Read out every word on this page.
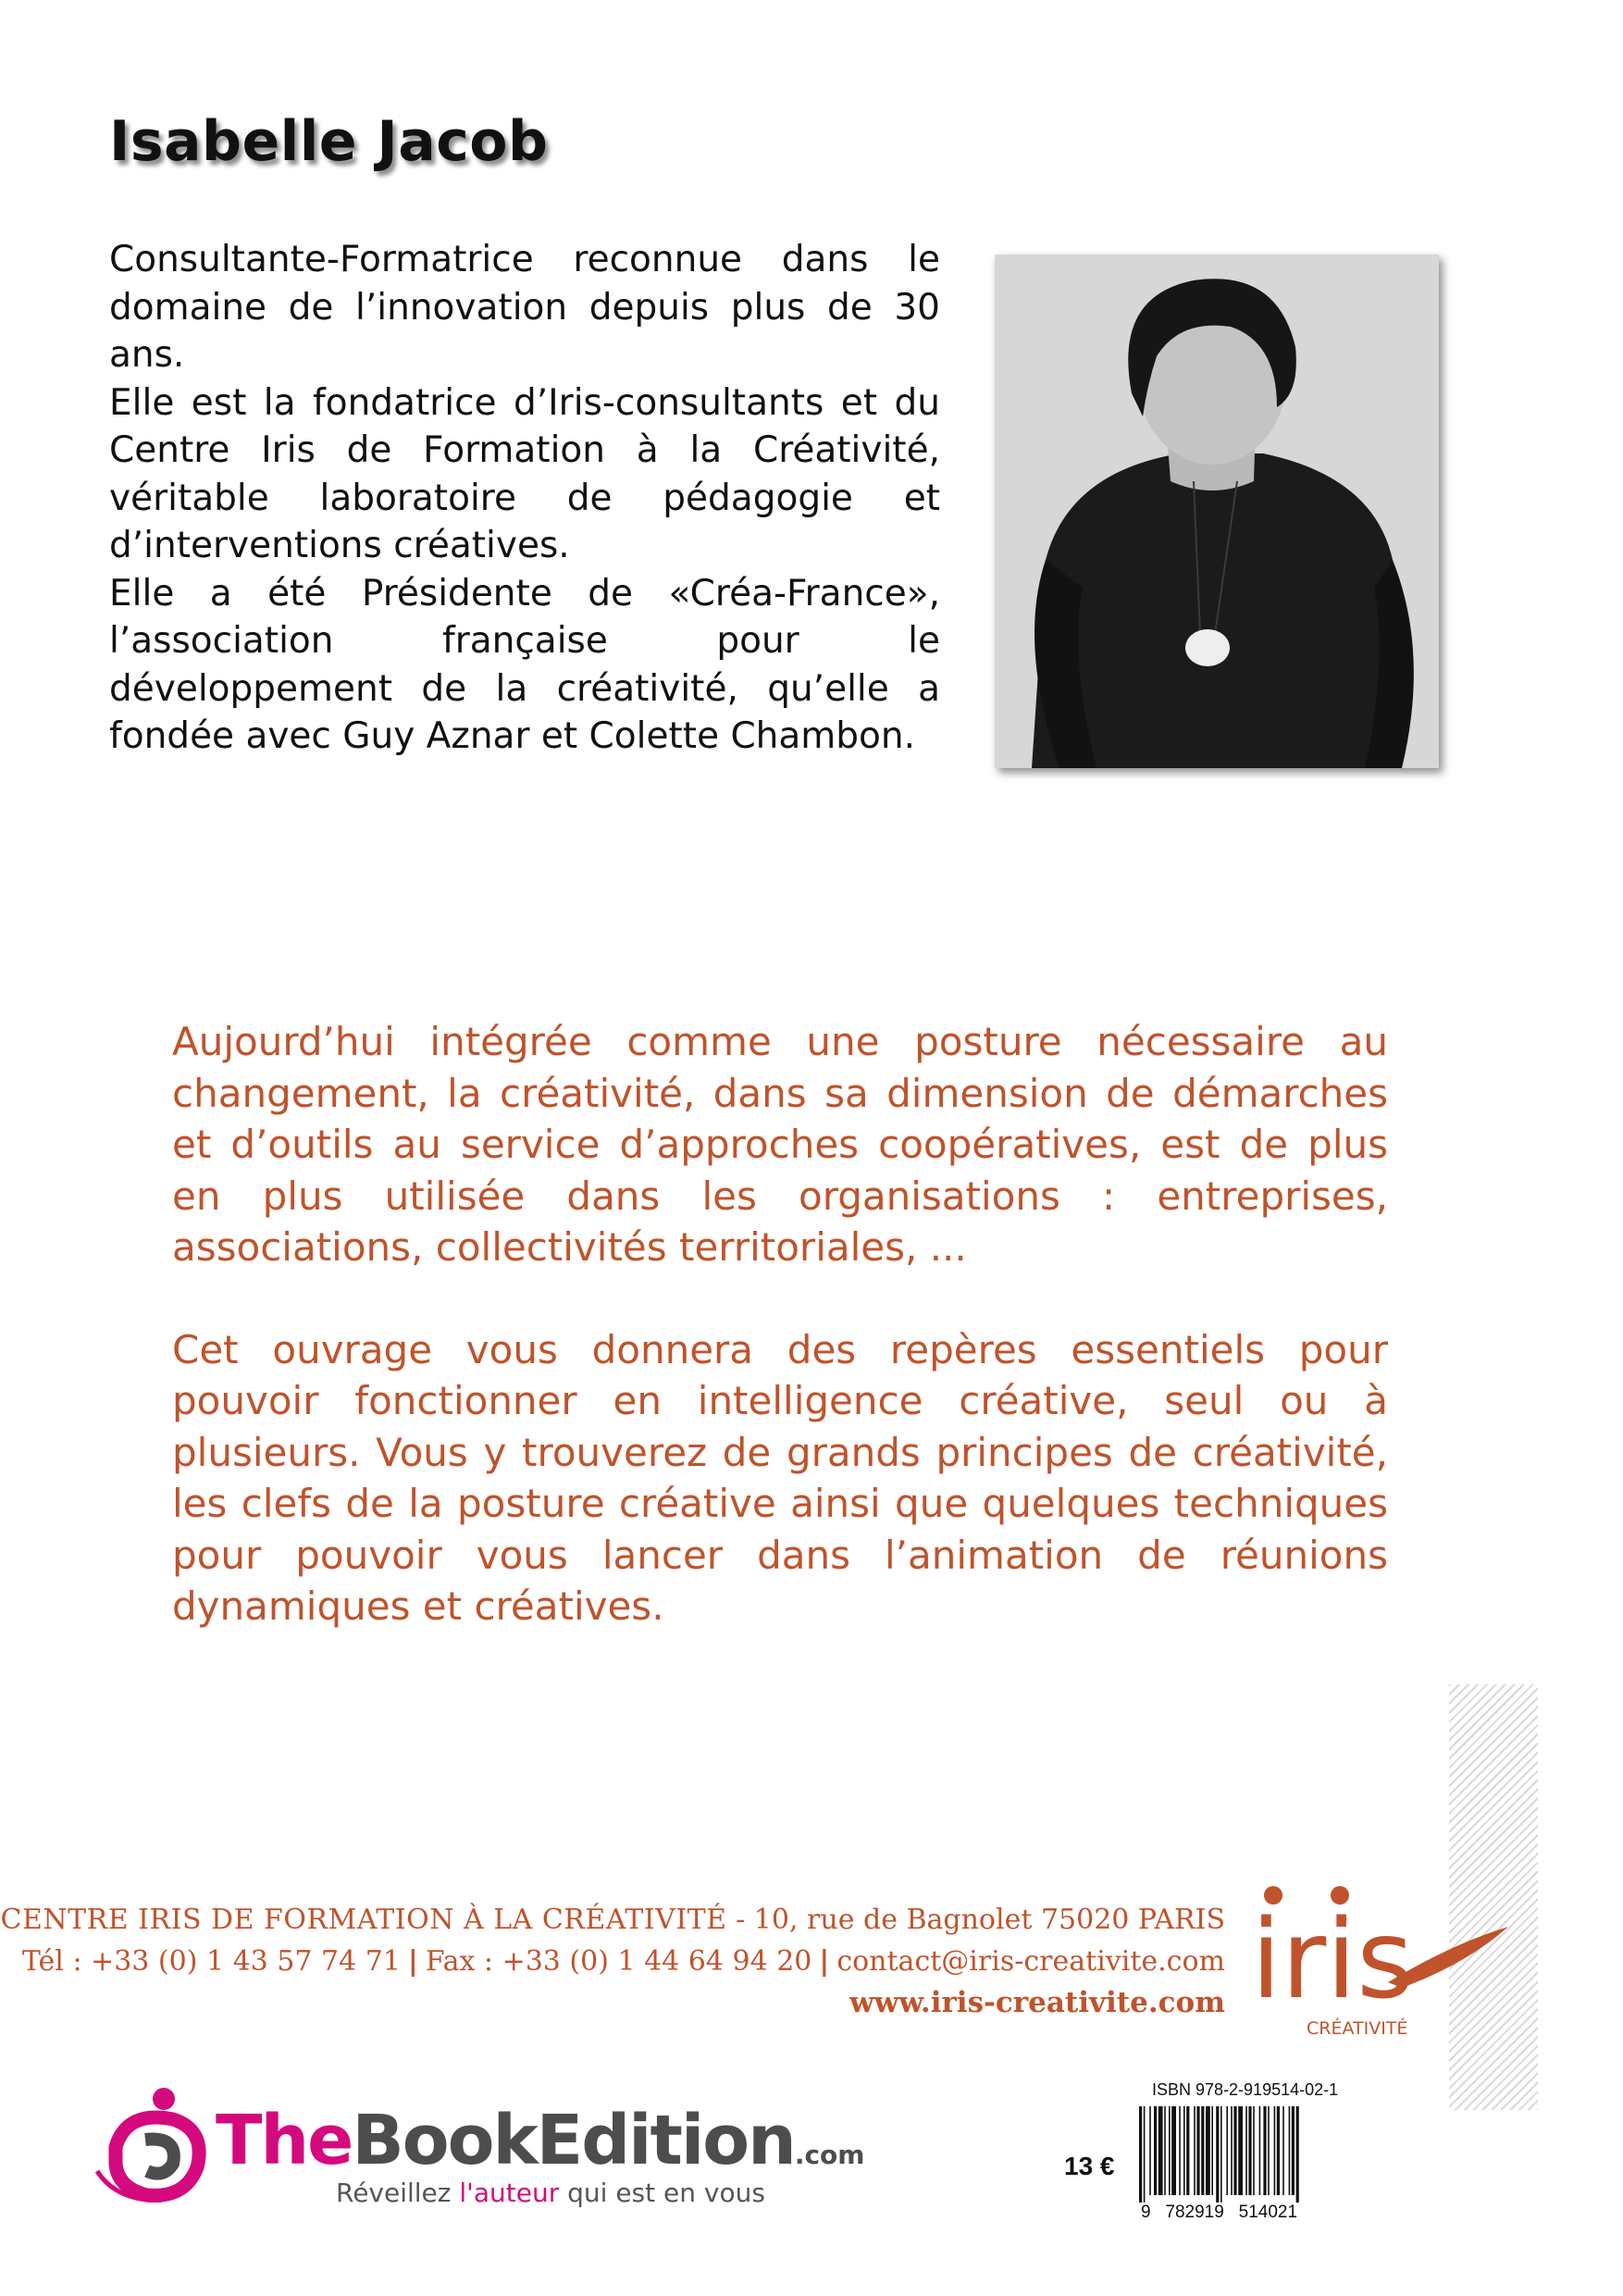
Isabelle Jacob

Consultante-Formatrice reconnue dans le domaine de l’innovation depuis plus de 30 ans.

Elle est la fondatrice d’Iris-consultants et du Centre Iris de Formation à la Créativité, véritable laboratoire de pédagogie et d’interventions créatives.

Elle a été Présidente de «Créa-France», l’association française pour le développement de la créativité, qu’elle a fondée avec Guy Aznar et Colette Chambon.

Aujourd’hui intégrée comme une posture nécessaire au changement, la créativité, dans sa dimension de démarches et d’outils au service d’approches coopératives, est de plus en plus utilisée dans les organisations : entreprises, associations, collectivités territoriales, ...

Cet ouvrage vous donnera des repères essentiels pour pouvoir fonctionner en intelligence créative, seul ou à plusieurs. Vous y trouverez de grands principes de créativité, les clefs de la posture créative ainsi que quelques techniques pour pouvoir vous lancer dans l’animation de réunions dynamiques et créatives.

CENTRE IRIS DE FORMATION À LA CRÉATIVITÉ - 10, rue de Bagnolet 75020 PARIS
Tél : +33 (0) 1 43 57 74 71 | Fax : +33 (0) 1 44 64 94 20 | contact@iris-creativite.com
www.iris-creativite.com iris
CRÉATIVITÉ
TheBookEdition.com
Réveillez l'auteur qui est en vous
13 €
ISBN 978-2-919514-02-1
9   782919   514021
